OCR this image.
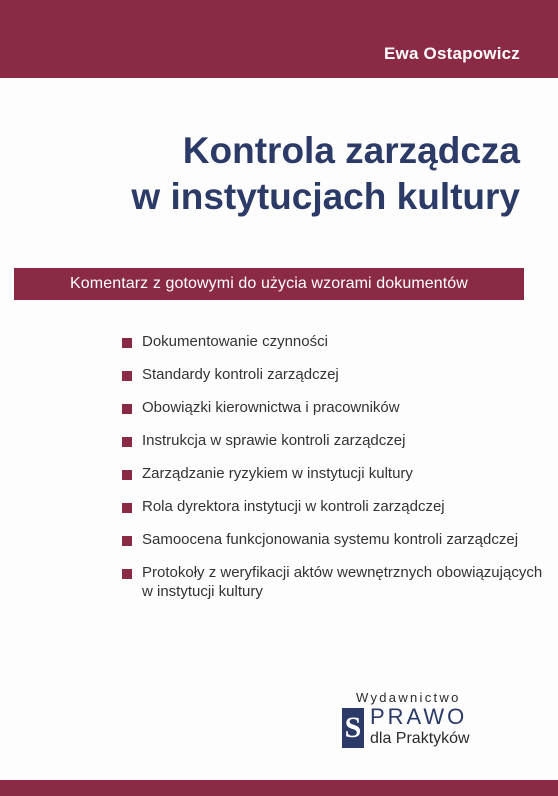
Ewa Ostapowicz
Kontrola zarządcza
w instytucjach kultury
Komentarz z gotowymi do użycia wzorami dokumentów
Dokumentowanie czynności
Standardy kontroli zarządczej
Obowiązki kierownictwa i pracowników
Instrukcja w sprawie kontroli zarządczej
Zarządzanie ryzykiem w instytucji kultury
Rola dyrektora instytucji w kontroli zarządczej
Samoocena funkcjonowania systemu kontroli zarządczej
Protokoły z weryfikacji aktów wewnętrznych obowiązujących w instytucji kultury
Wydawnictwo
S PRAWO
dla Praktyków
